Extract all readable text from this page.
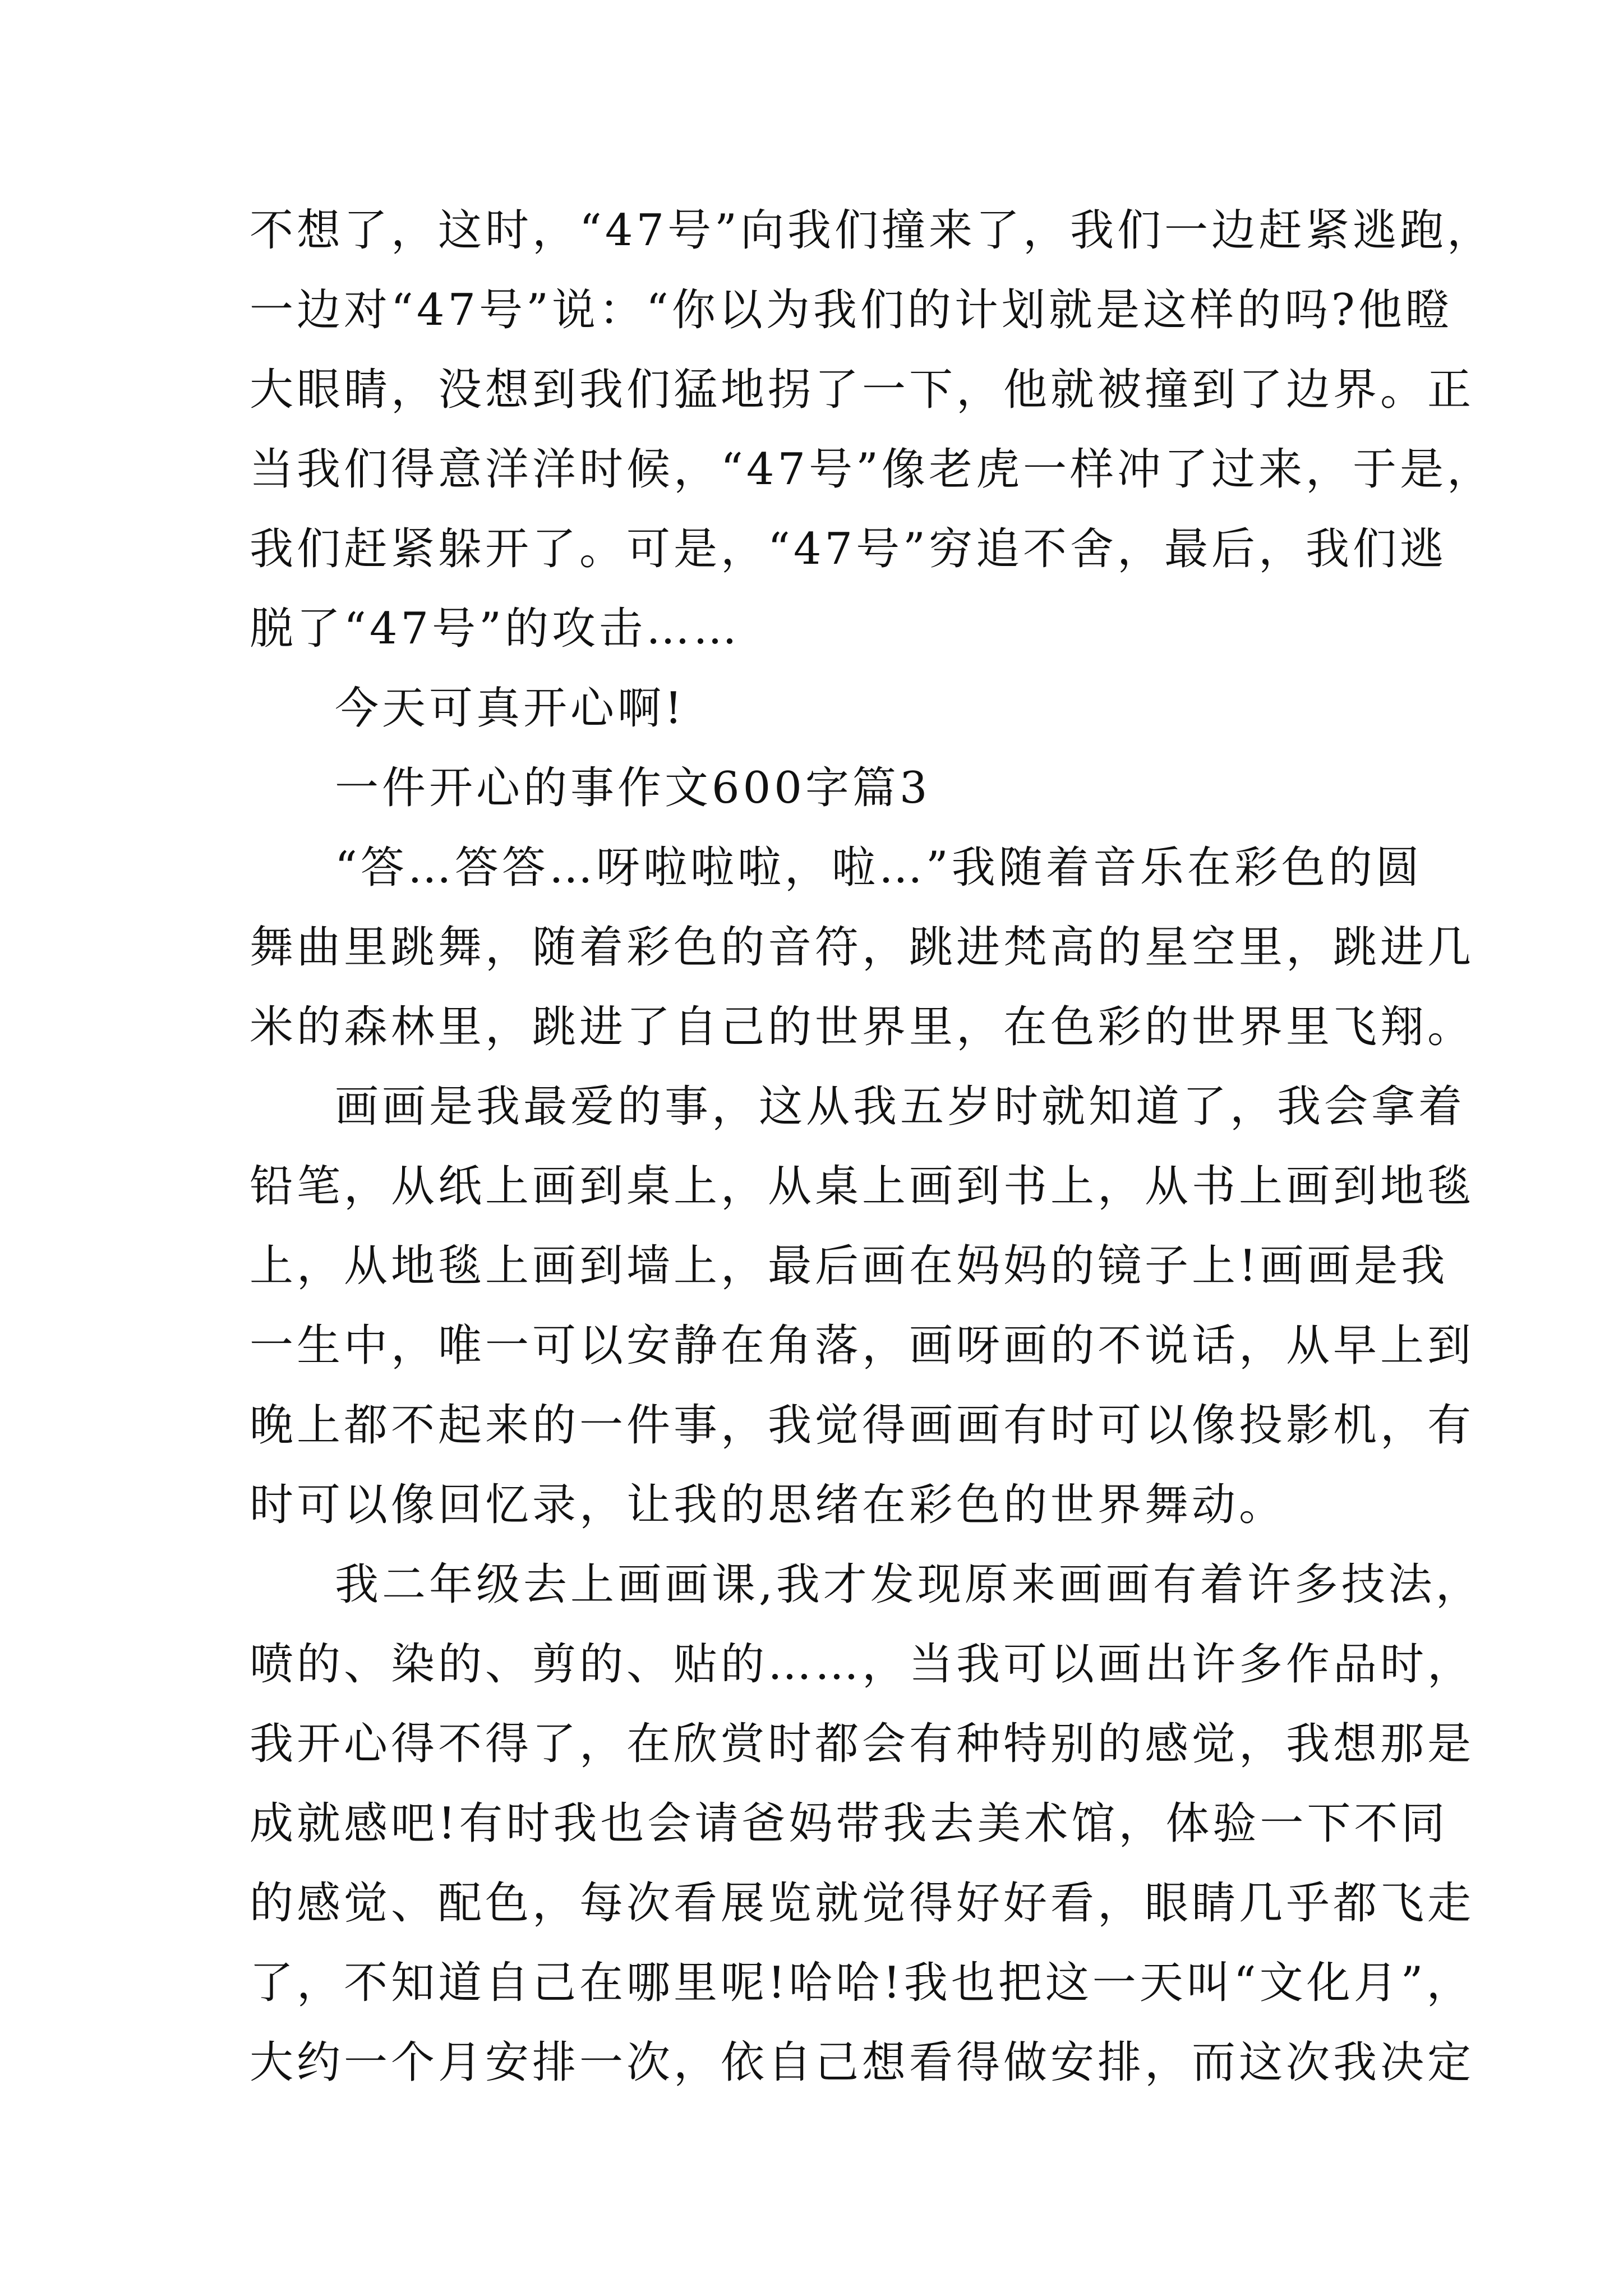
不想了，这时，“47号”向我们撞来了，我们一边赶紧逃跑，
一边对“47号”说：“你以为我们的计划就是这样的吗?他瞪
大眼睛，没想到我们猛地拐了一下，他就被撞到了边界。正
当我们得意洋洋时候，“47号”像老虎一样冲了过来，于是，
我们赶紧躲开了。可是，“47号”穷追不舍，最后，我们逃
脱了“47号”的攻击……
今天可真开心啊!
一件开心的事作文600字篇3
“答…答答…呀啦啦啦，啦…”我随着音乐在彩色的圆
舞曲里跳舞，随着彩色的音符，跳进梵高的星空里，跳进几
米的森林里，跳进了自己的世界里，在色彩的世界里飞翔。
画画是我最爱的事，这从我五岁时就知道了，我会拿着
铅笔，从纸上画到桌上，从桌上画到书上，从书上画到地毯
上，从地毯上画到墙上，最后画在妈妈的镜子上!画画是我
一生中，唯一可以安静在角落，画呀画的不说话，从早上到
晚上都不起来的一件事，我觉得画画有时可以像投影机，有
时可以像回忆录，让我的思绪在彩色的世界舞动。
我二年级去上画画课,我才发现原来画画有着许多技法，
喷的、染的、剪的、贴的……，当我可以画出许多作品时，
我开心得不得了，在欣赏时都会有种特别的感觉，我想那是
成就感吧!有时我也会请爸妈带我去美术馆，体验一下不同
的感觉、配色，每次看展览就觉得好好看，眼睛几乎都飞走
了，不知道自己在哪里呢!哈哈!我也把这一天叫“文化月”，
大约一个月安排一次，依自己想看得做安排，而这次我决定
